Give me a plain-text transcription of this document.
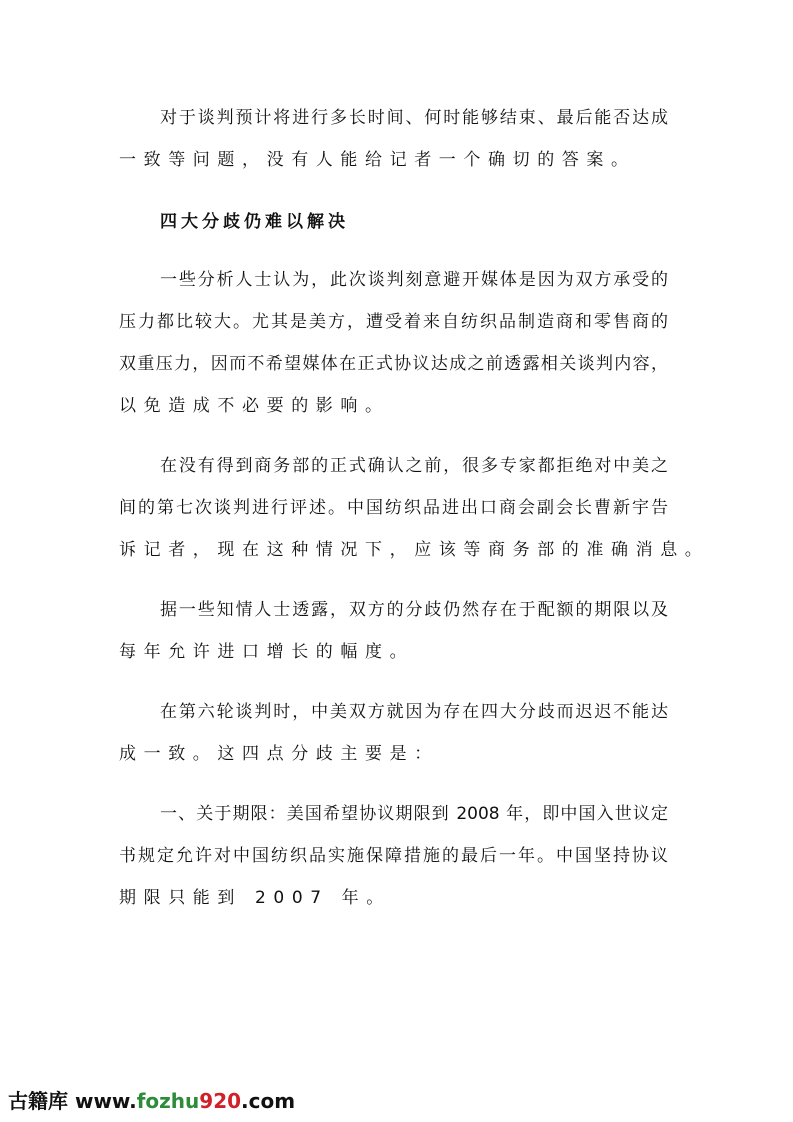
对于谈判预计将进行多长时间、何时能够结束、最后能否达成
一致等问题，没有人能给记者一个确切的答案。
四大分歧仍难以解决
一些分析人士认为，此次谈判刻意避开媒体是因为双方承受的
压力都比较大。尤其是美方，遭受着来自纺织品制造商和零售商的
双重压力，因而不希望媒体在正式协议达成之前透露相关谈判内容，
以免造成不必要的影响。
在没有得到商务部的正式确认之前，很多专家都拒绝对中美之
间的第七次谈判进行评述。中国纺织品进出口商会副会长曹新宇告
诉记者，现在这种情况下，应该等商务部的准确消息。
据一些知情人士透露，双方的分歧仍然存在于配额的期限以及
每年允许进口增长的幅度。
在第六轮谈判时，中美双方就因为存在四大分歧而迟迟不能达
成一致。这四点分歧主要是：
一、关于期限：美国希望协议期限到 2008 年，即中国入世议定
书规定允许对中国纺织品实施保障措施的最后一年。中国坚持协议
期限只能到 2007 年。
古籍库 www.fozhu920.com
